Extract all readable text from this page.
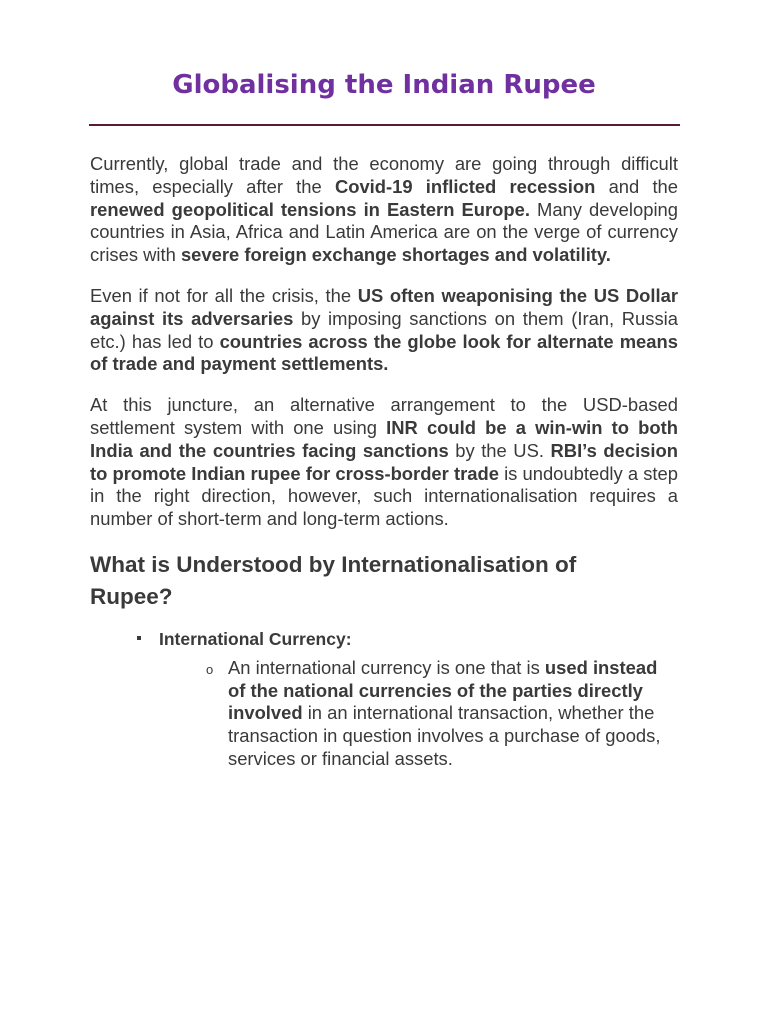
Globalising the Indian Rupee

Currently, global trade and the economy are going through difficult times, especially after the Covid-19 inflicted recession and the renewed geopolitical tensions in Eastern Europe. Many developing countries in Asia, Africa and Latin America are on the verge of currency crises with severe foreign exchange shortages and volatility.

Even if not for all the crisis, the US often weaponising the US Dollar against its adversaries by imposing sanctions on them (Iran, Russia etc.) has led to countries across the globe look for alternate means of trade and payment settlements.

At this juncture, an alternative arrangement to the USD-based settlement system with one using INR could be a win-win to both India and the countries facing sanctions by the US. RBI’s decision to promote Indian rupee for cross-border trade is undoubtedly a step in the right direction, however, such internationalisation requires a number of short-term and long-term actions.

What is Understood by Internationalisation of Rupee?
International Currency:
o An international currency is one that is used instead of the national currencies of the parties directly involved in an international transaction, whether the transaction in question involves a purchase of goods, services or financial assets.
